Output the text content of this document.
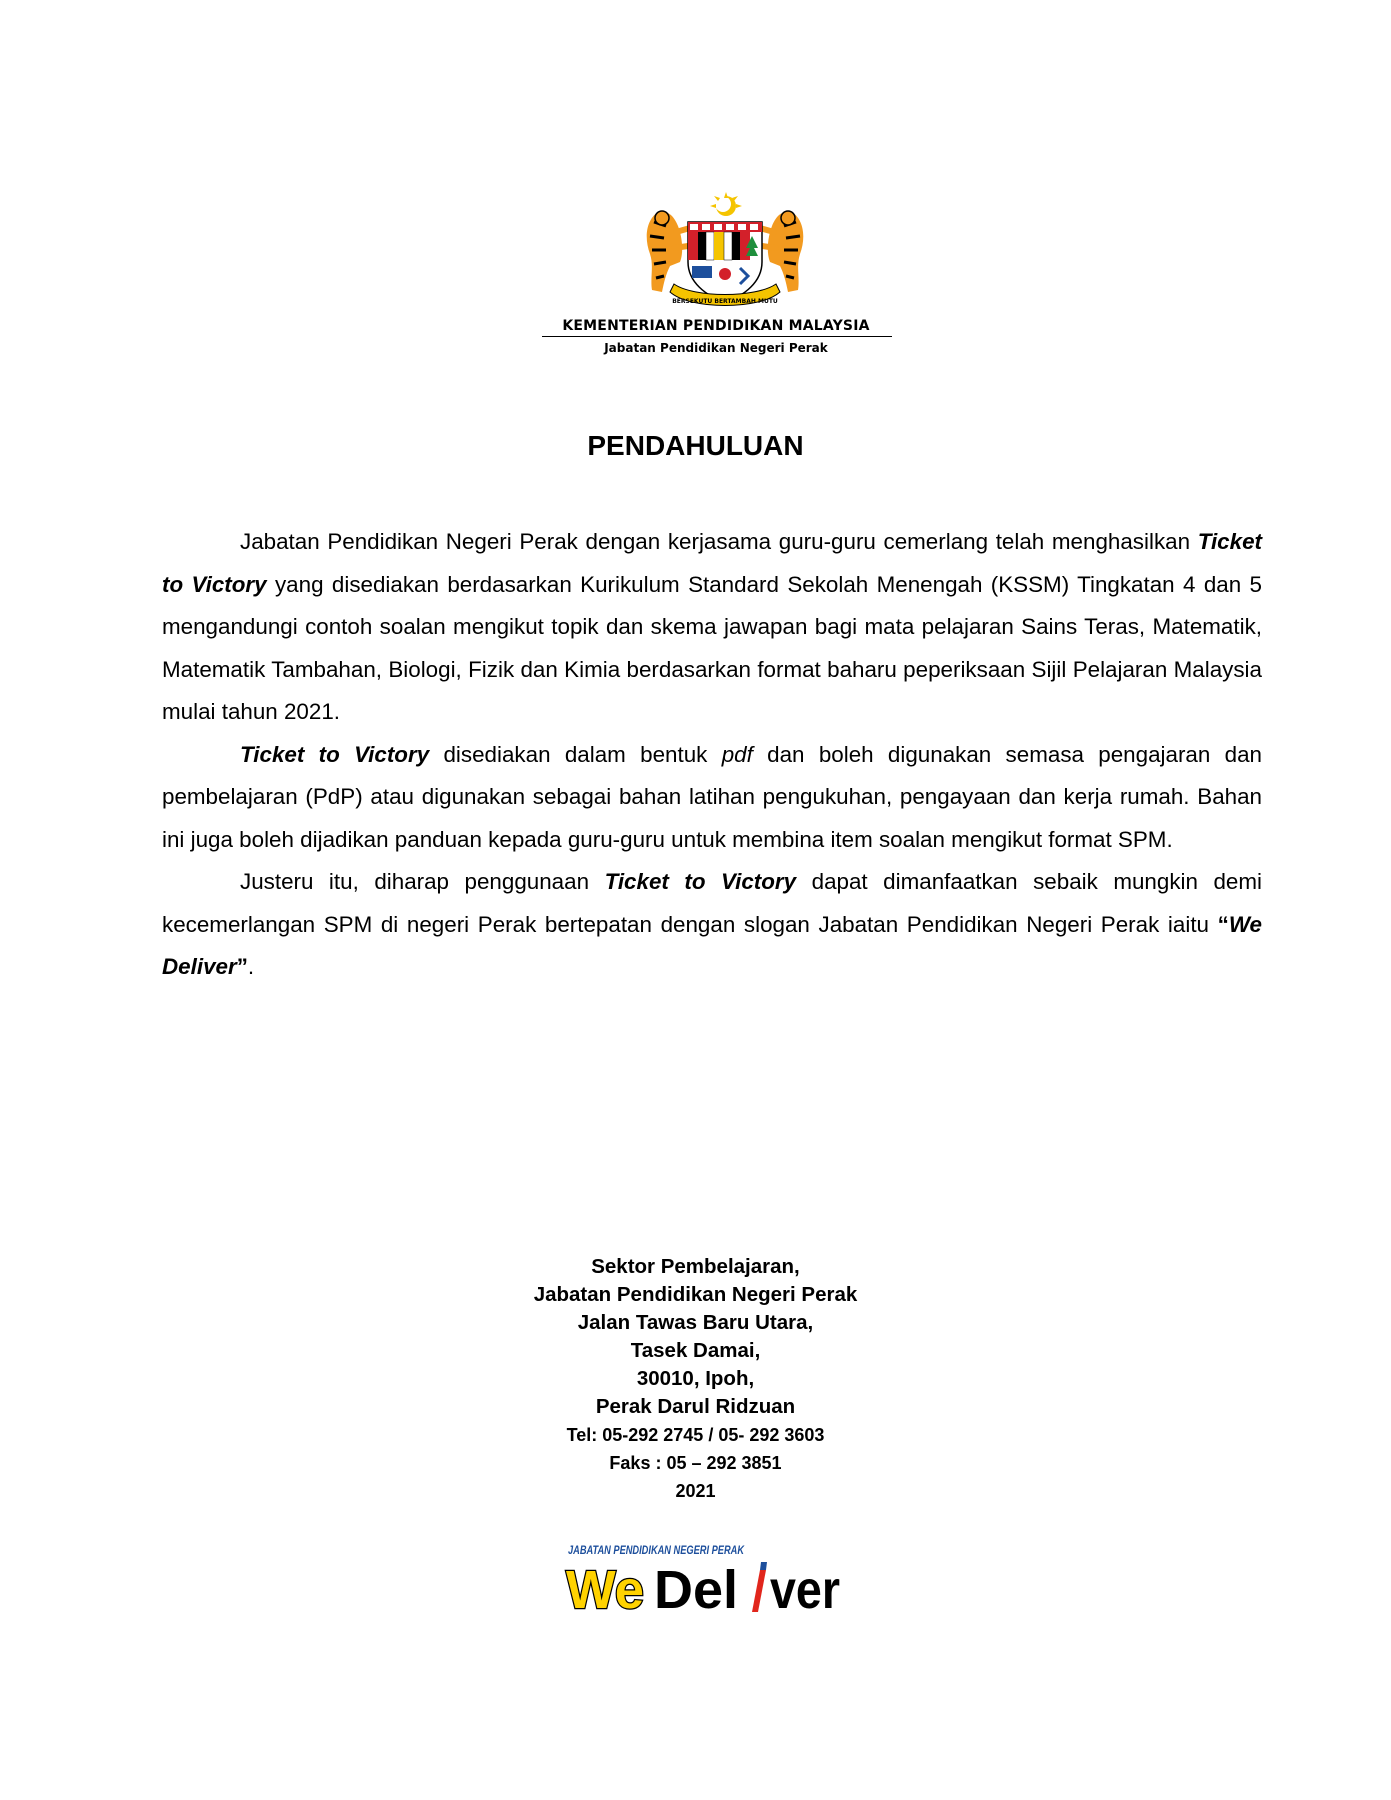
BERSEKUTU BERTAMBAH MUTU
KEMENTERIAN PENDIDIKAN MALAYSIA
Jabatan Pendidikan Negeri Perak
PENDAHULUAN

Jabatan Pendidikan Negeri Perak dengan kerjasama guru-guru cemerlang telah menghasilkan Ticket to Victory yang disediakan berdasarkan Kurikulum Standard Sekolah Menengah (KSSM) Tingkatan 4 dan 5 mengandungi contoh soalan mengikut topik dan skema jawapan bagi mata pelajaran Sains Teras, Matematik, Matematik Tambahan, Biologi, Fizik dan Kimia berdasarkan format baharu peperiksaan Sijil Pelajaran Malaysia mulai tahun 2021.

Ticket to Victory disediakan dalam bentuk pdf dan boleh digunakan semasa pengajaran dan pembelajaran (PdP) atau digunakan sebagai bahan latihan pengukuhan, pengayaan dan kerja rumah. Bahan ini juga boleh dijadikan panduan kepada guru-guru untuk membina item soalan mengikut format SPM.

Justeru itu, diharap penggunaan Ticket to Victory dapat dimanfaatkan sebaik mungkin demi kecemerlangan SPM di negeri Perak bertepatan dengan slogan Jabatan Pendidikan Negeri Perak iaitu “We Deliver”.

Sektor Pembelajaran,
Jabatan Pendidikan Negeri Perak
Jalan Tawas Baru Utara,
Tasek Damai,
30010, Ipoh,
Perak Darul Ridzuan
Tel: 05-292 2745 / 05- 292 3603
Faks : 05 – 292 3851
2021
JABATAN PENDIDIKAN NEGERI PERAK
We Del ver
